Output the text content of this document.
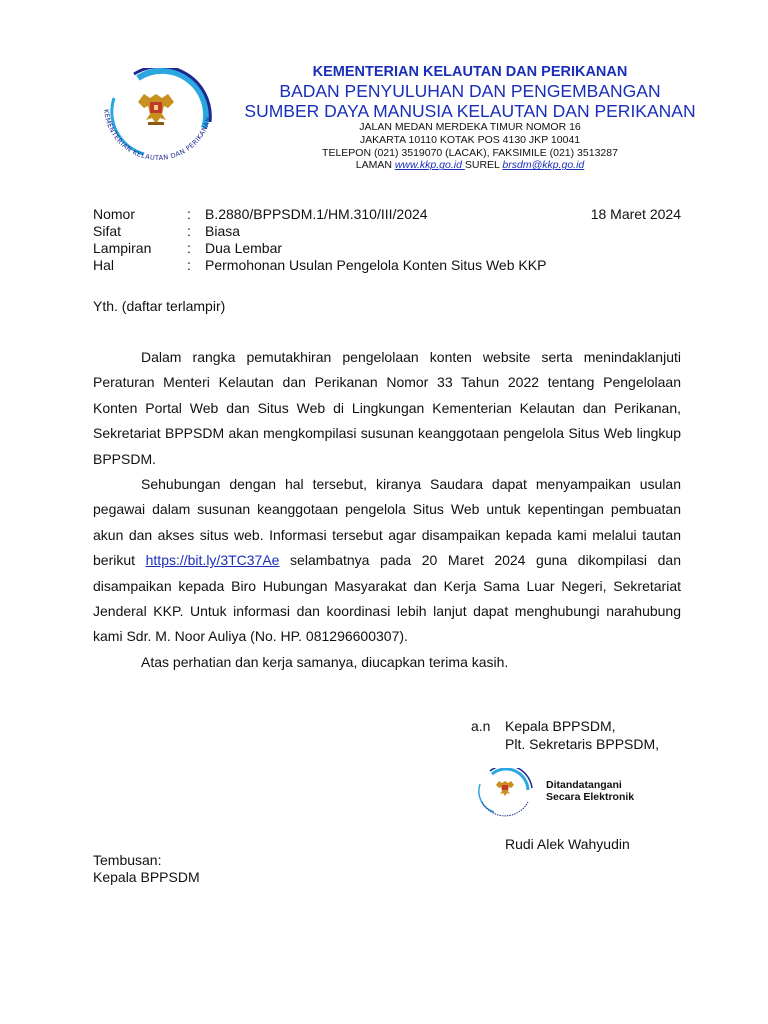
KEMENTERIAN KELAUTAN DAN PERIKANAN
KEMENTERIAN KELAUTAN DAN PERIKANAN
BADAN PENYULUHAN DAN PENGEMBANGAN
SUMBER DAYA MANUSIA KELAUTAN DAN PERIKANAN
JALAN MEDAN MERDEKA TIMUR NOMOR 16
JAKARTA 10110 KOTAK POS 4130 JKP 10041
TELEPON (021) 3519070 (LACAK), FAKSIMILE (021) 3513287
LAMAN www.kkp.go.id SUREL brsdm@kkp.go.id
Nomor	:	B.2880/BPPSDM.1/HM.310/III/2024
Sifat	:	Biasa
Lampiran	:	Dua Lembar
Hal	:	Permohonan Usulan Pengelola Konten Situs Web KKP
18 Maret 2024
Yth. (daftar terlampir)

Dalam rangka pemutakhiran pengelolaan konten website serta menindaklanjuti Peraturan Menteri Kelautan dan Perikanan Nomor 33 Tahun 2022 tentang Pengelolaan Konten Portal Web dan Situs Web di Lingkungan Kementerian Kelautan dan Perikanan, Sekretariat BPPSDM akan mengkompilasi susunan keanggotaan pengelola Situs Web lingkup BPPSDM.

Sehubungan dengan hal tersebut, kiranya Saudara dapat menyampaikan usulan pegawai dalam susunan keanggotaan pengelola Situs Web untuk kepentingan pembuatan akun dan akses situs web. Informasi tersebut agar disampaikan kepada kami melalui tautan berikut https://bit.ly/3TC37Ae selambatnya pada 20 Maret 2024 guna dikompilasi dan disampaikan kepada Biro Hubungan Masyarakat dan Kerja Sama Luar Negeri, Sekretariat Jenderal KKP. Untuk informasi dan koordinasi lebih lanjut dapat menghubungi narahubung kami Sdr. M. Noor Auliya (No. HP. 081296600307).

Atas perhatian dan kerja samanya, diucapkan terima kasih.

a.n Kepala BPPSDM,
Plt. Sekretaris BPPSDM,
Ditandatangani
Secara Elektronik
Rudi Alek Wahyudin
Tembusan:
Kepala BPPSDM
